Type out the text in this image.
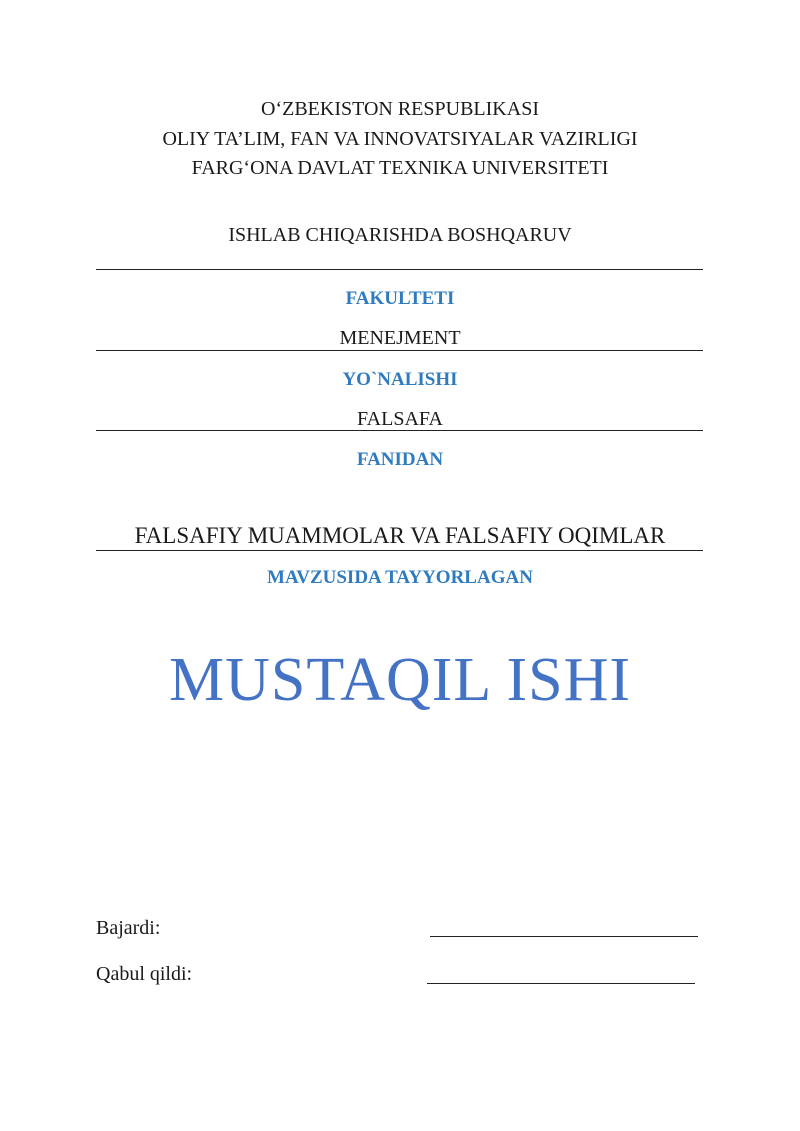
O‘ZBEKISTON RESPUBLIKASI
OLIY TA’LIM, FAN VA INNOVATSIYALAR VAZIRLIGI
FARG‘ONA DAVLAT TEXNIKA UNIVERSITETI
ISHLAB CHIQARISHDA BOSHQARUV
FAKULTETI
MENEJMENT
YO`NALISHI
FALSAFA
FANIDAN
FALSAFIY MUAMMOLAR VA FALSAFIY OQIMLAR
MAVZUSIDA TAYYORLAGAN
MUSTAQIL ISHI
Bajardi:
Qabul qildi:
